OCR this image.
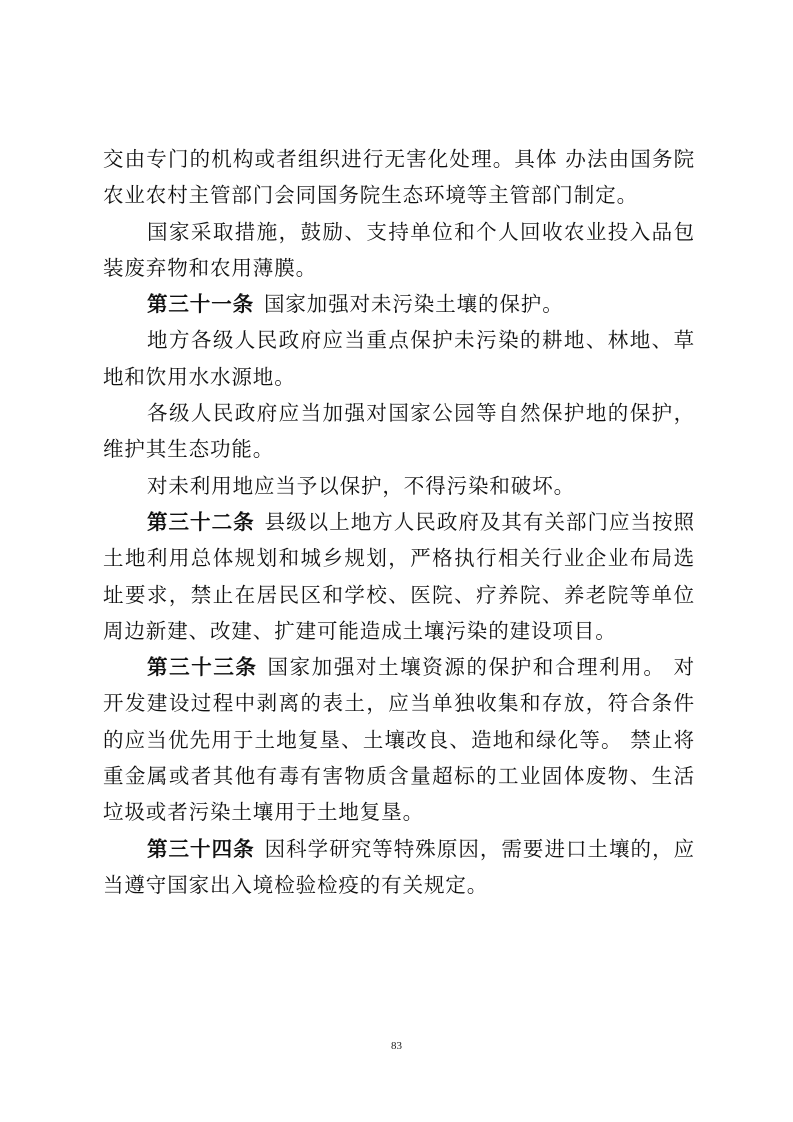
交由专门的机构或者组织进行无害化处理。具体 办法由国务院农业农村主管部门会同国务院生态环境等主管部门制定。

国家采取措施，鼓励、支持单位和个人回收农业投入品包装废弃物和农用薄膜。

第三十一条 国家加强对未污染土壤的保护。

地方各级人民政府应当重点保护未污染的耕地、林地、草地和饮用水水源地。

各级人民政府应当加强对国家公园等自然保护地的保护，维护其生态功能。

对未利用地应当予以保护，不得污染和破坏。

第三十二条 县级以上地方人民政府及其有关部门应当按照土地利用总体规划和城乡规划，严格执行相关行业企业布局选址要求，禁止在居民区和学校、医院、疗养院、养老院等单位周边新建、改建、扩建可能造成土壤污染的建设项目。

第三十三条 国家加强对土壤资源的保护和合理利用。 对开发建设过程中剥离的表土，应当单独收集和存放，符合条件的应当优先用于土地复垦、土壤改良、造地和绿化等。 禁止将重金属或者其他有毒有害物质含量超标的工业固体废物、生活垃圾或者污染土壤用于土地复垦。

第三十四条 因科学研究等特殊原因，需要进口土壤的，应当遵守国家出入境检验检疫的有关规定。

83
